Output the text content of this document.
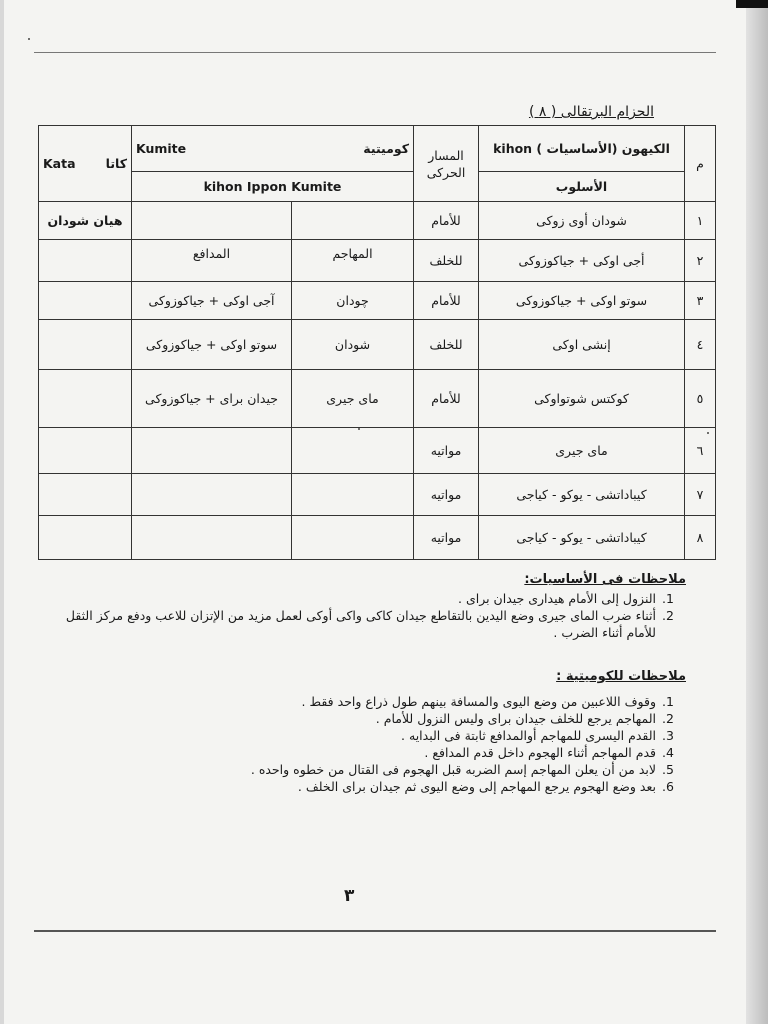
الحزام البرتقالى ( ٨ )
م	الكيهون (الأساسيات ) kihon	المسار الحركى	كوميتية
Kumite		كاتا
Kata

	الأسلوب		kihon Ippon Kumite		
١	شودان أوى زوكى	للأمام			هيان شودان
٢	أجى اوكى + جياكوزوكى	للخلف	المهاجم	المدافع	
٣	سوتو اوكى + جياكوزوكى	للأمام	چودان	آجى اوكى + جياكوزوكى	
٤	إنشى اوكى	للخلف	شودان	سوتو اوكى + جياكوزوكى	
٥	كوكتس شوتواوكى	للأمام	ماى جيرى	جيدان براى + جياكوزوكى	
٦	ماى جيرى	مواتيه			
٧	كيباداتشى - يوكو - كياجى	مواتيه			
٨	كيباداتشى - يوكو - كياجى	مواتيه			
ملاحظات فى الأساسيات:
1. النزول إلى الأمام هيدارى جيدان براى .
2. أثناء ضرب الماى جيرى وضع اليدين بالتقاطع جيدان كاكى واكى أوكى لعمل مزيد من الإتزان للاعب ودفع مركز الثقل للأمام أثناء الضرب .
ملاحظات للكوميتية :
1. وقوف اللاعبين من وضع اليوى والمسافة بينهم طول ذراع واحد فقط .
2. المهاجم يرجع للخلف جيدان براى وليس النزول للأمام .
3. القدم اليسرى للمهاجم أوالمدافع ثابتة فى البدايه .
4. قدم المهاجم أثناء الهجوم داخل قدم المدافع .
5. لابد من أن يعلن المهاجم إسم الضربه قبل الهجوم فى القتال من خطوه واحده .
6. بعد وضع الهجوم يرجع المهاجم إلى وضع اليوى ثم جيدان براى الخلف .
٣
